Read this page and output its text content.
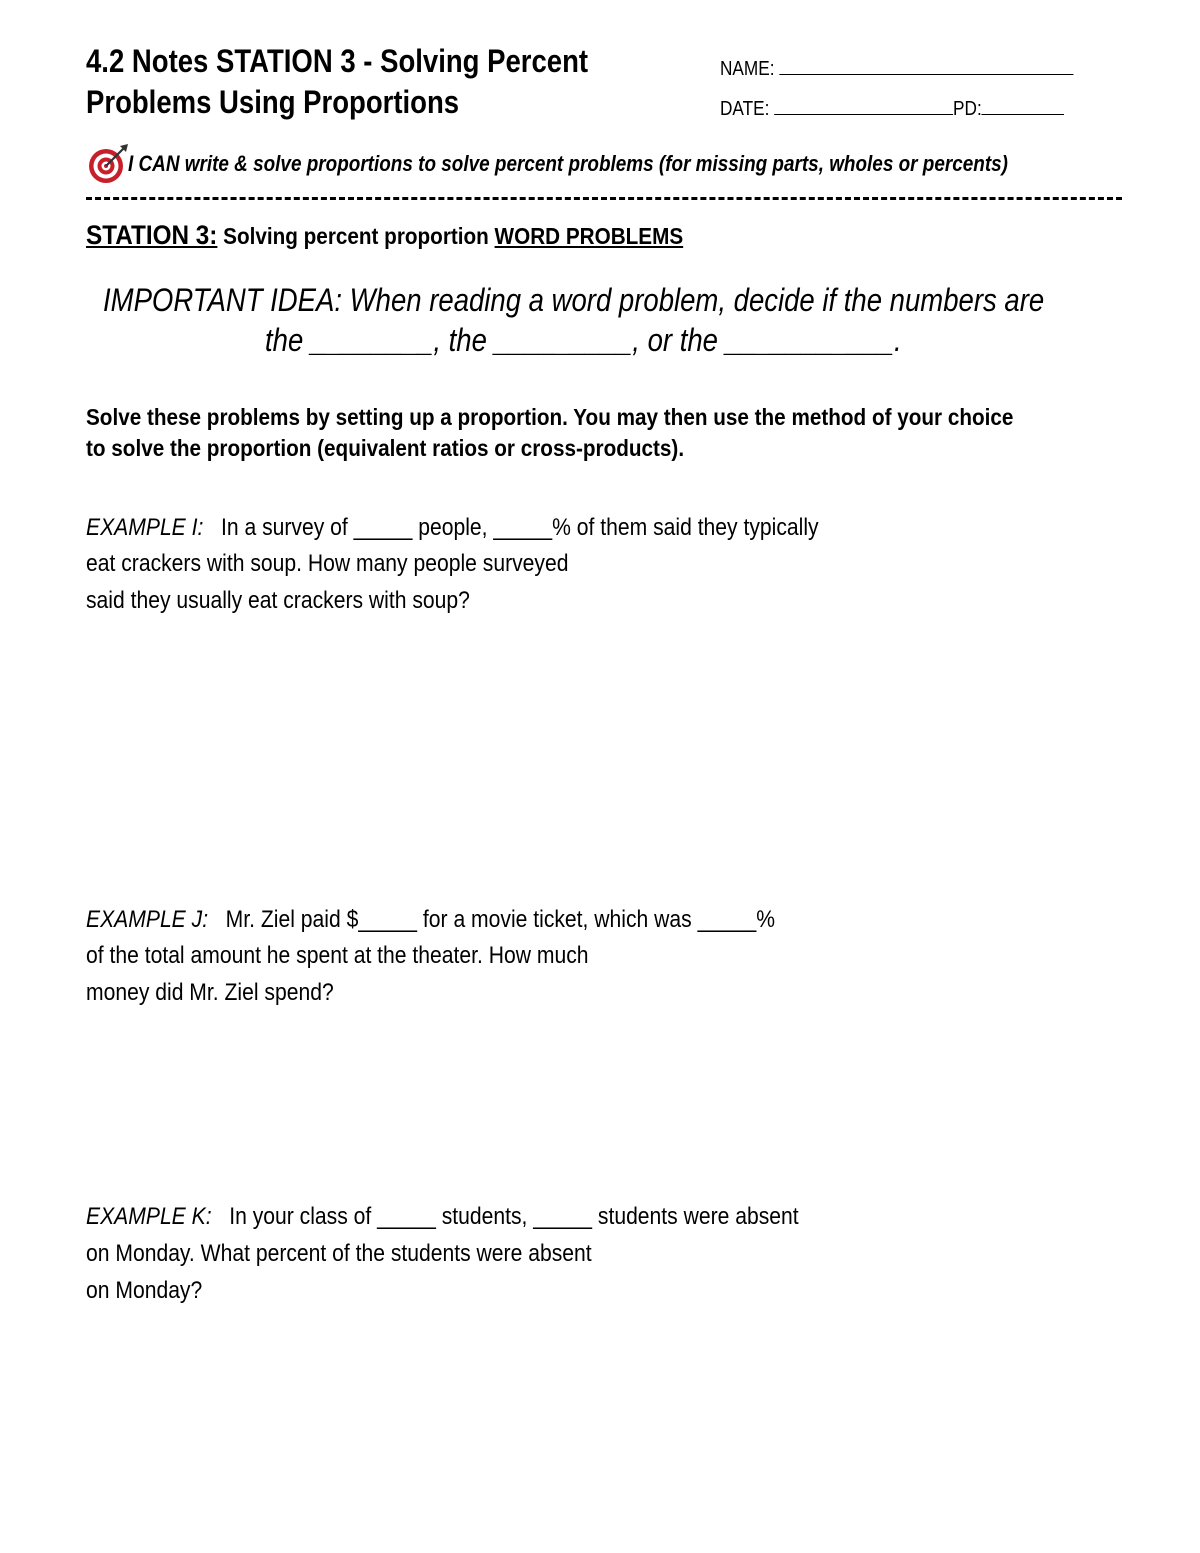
4.2 Notes STATION 3 - Solving Percent
Problems Using Proportions
NAME:
DATE:	PD:
I CAN write & solve proportions to solve percent problems (for missing parts, wholes or percents)
STATION 3: Solving percent proportion WORD PROBLEMS
IMPORTANT IDEA: When reading a word problem, decide if the numbers are
the ________, the _________, or the ___________.
Solve these problems by setting up a proportion. You may then use the method of your choice
to solve the proportion (equivalent ratios or cross-products).
EXAMPLE I: In a survey of _____ people, _____% of them said they typically
eat crackers with soup. How many people surveyed
said they usually eat crackers with soup?
EXAMPLE J: Mr. Ziel paid $_____ for a movie ticket, which was _____%
of the total amount he spent at the theater. How much
money did Mr. Ziel spend?
EXAMPLE K: In your class of _____ students, _____ students were absent
on Monday. What percent of the students were absent
on Monday?
